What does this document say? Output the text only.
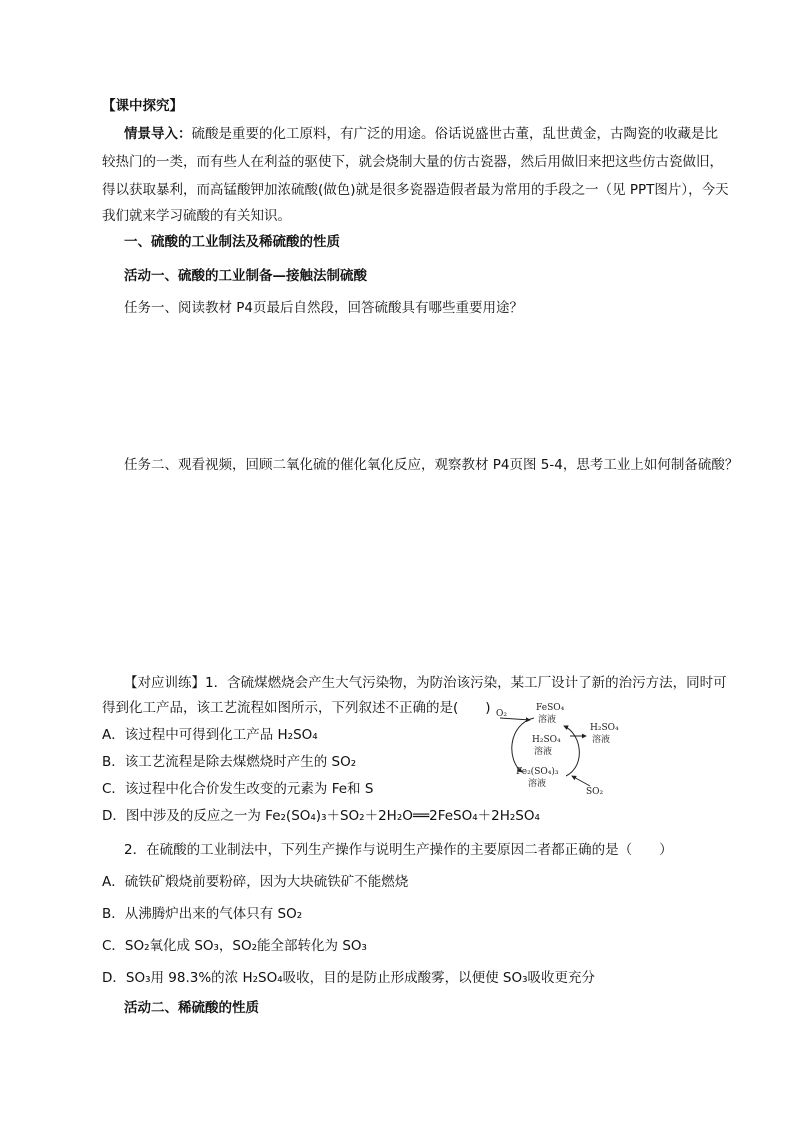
【课中探究】
情景导入：硫酸是重要的化工原料，有广泛的用途。俗话说盛世古董，乱世黄金，古陶瓷的收藏是比
较热门的一类，而有些人在利益的驱使下，就会烧制大量的仿古瓷器，然后用做旧来把这些仿古瓷做旧，
得以获取暴利，而高锰酸钾加浓硫酸(做色)就是很多瓷器造假者最为常用的手段之一（见 PPT图片），今天
我们就来学习硫酸的有关知识。
一、硫酸的工业制法及稀硫酸的性质
活动一、硫酸的工业制备—接触法制硫酸
任务一、阅读教材 P4页最后自然段，回答硫酸具有哪些重要用途？
任务二、观看视频，回顾二氧化硫的催化氧化反应，观察教材 P4页图 5-4，思考工业上如何制备硫酸？
【对应训练】1．含硫煤燃烧会产生大气污染物，为防治该污染，某工厂设计了新的治污方法，同时可
得到化工产品，该工艺流程如图所示，下列叙述不正确的是(　　)
A．该过程中可得到化工产品 H₂SO₄
B．该工艺流程是除去煤燃烧时产生的 SO₂
C．该过程中化合价发生改变的元素为 Fe和 S
D．图中涉及的反应之一为 Fe₂(SO₄)₃＋SO₂＋2H₂O══2FeSO₄＋2H₂SO₄
O₂
FeSO₄
溶液
H₂SO₄
溶液
H₂SO₄
溶液
Fe₂(SO₄)₃
溶液
SO₂
2．在硫酸的工业制法中，下列生产操作与说明生产操作的主要原因二者都正确的是（　　）
A．硫铁矿煅烧前要粉碎，因为大块硫铁矿不能燃烧
B．从沸腾炉出来的气体只有 SO₂
C．SO₂氧化成 SO₃，SO₂能全部转化为 SO₃
D．SO₃用 98.3%的浓 H₂SO₄吸收，目的是防止形成酸雾，以便使 SO₃吸收更充分
活动二、稀硫酸的性质
